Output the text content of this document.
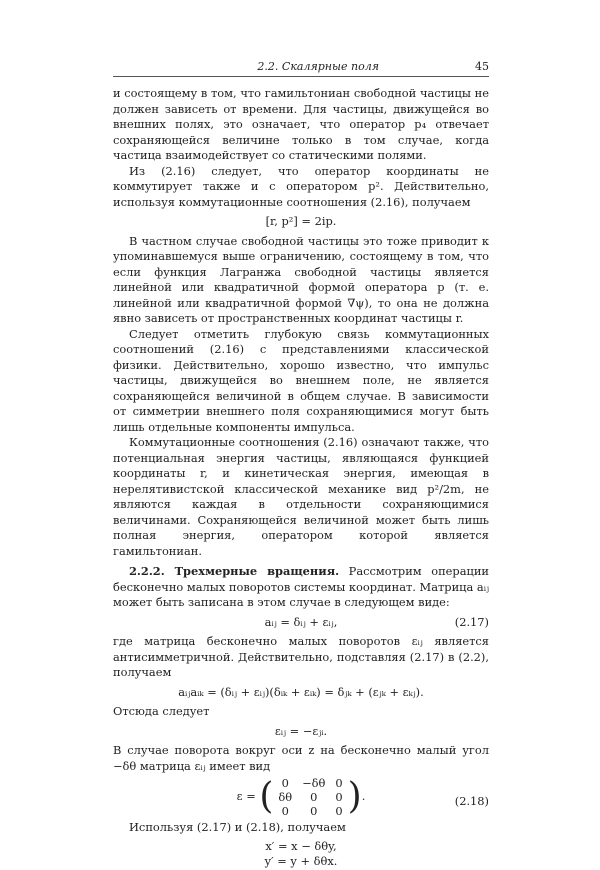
2.2. Скалярные поля	45

и состоящему в том, что гамильтониан свободной частицы не должен зависеть от времени. Для частицы, движущейся во внешних полях, это означает, что оператор p₄ отвечает сохраняющейся величине только в том случае, когда частица взаимодействует со статическими полями.

Из (2.16) следует, что оператор координаты не коммутирует также и с оператором p². Действительно, используя коммутационные соотношения (2.16), получаем

[r, p²] = 2ip.

В частном случае свободной частицы это тоже приводит к упоминавшемуся выше ограничению, состоящему в том, что если функция Лагранжа свободной частицы является линейной или квадратичной формой оператора p (т. е. линейной или квадратичной формой ∇ψ), то она не должна явно зависеть от пространственных координат частицы r.

Следует отметить глубокую связь коммутационных соотношений (2.16) с представлениями классической физики. Действительно, хорошо известно, что импульс частицы, движущейся во внешнем поле, не является сохраняющейся величиной в общем случае. В зависимости от симметрии внешнего поля сохраняющимися могут быть лишь отдельные компоненты импульса.

Коммутационные соотношения (2.16) означают также, что потенциальная энергия частицы, являющаяся функцией координаты r, и кинетическая энергия, имеющая в нерелятивистской классической механике вид p²/2m, не являются каждая в отдельности сохраняющимися величинами. Сохраняющейся величиной может быть лишь полная энергия, оператором которой является гамильтониан.

2.2.2. Трехмерные вращения. Рассмотрим операции бесконечно малых поворотов системы координат. Матрица aᵢⱼ может быть записана в этом случае в следующем виде:

aᵢⱼ = δᵢⱼ + εᵢⱼ,	(2.17)

где матрица бесконечно малых поворотов εᵢⱼ является антисимметричной. Действительно, подставляя (2.17) в (2.2), получаем

aᵢⱼaᵢₖ = (δᵢⱼ + εᵢⱼ)(δᵢₖ + εᵢₖ) = δⱼₖ + (εⱼₖ + εₖⱼ).

Отсюда следует

εᵢⱼ = −εⱼᵢ.

В случае поворота вокруг оси z на бесконечно малый угол −δθ матрица εᵢⱼ имеет вид

ε = ( 0	−δθ	0
δθ	0	0
0	0	0 ).	(2.18)

Используя (2.17) и (2.18), получаем

x′ = x − δθy,
y′ = y + δθx.
